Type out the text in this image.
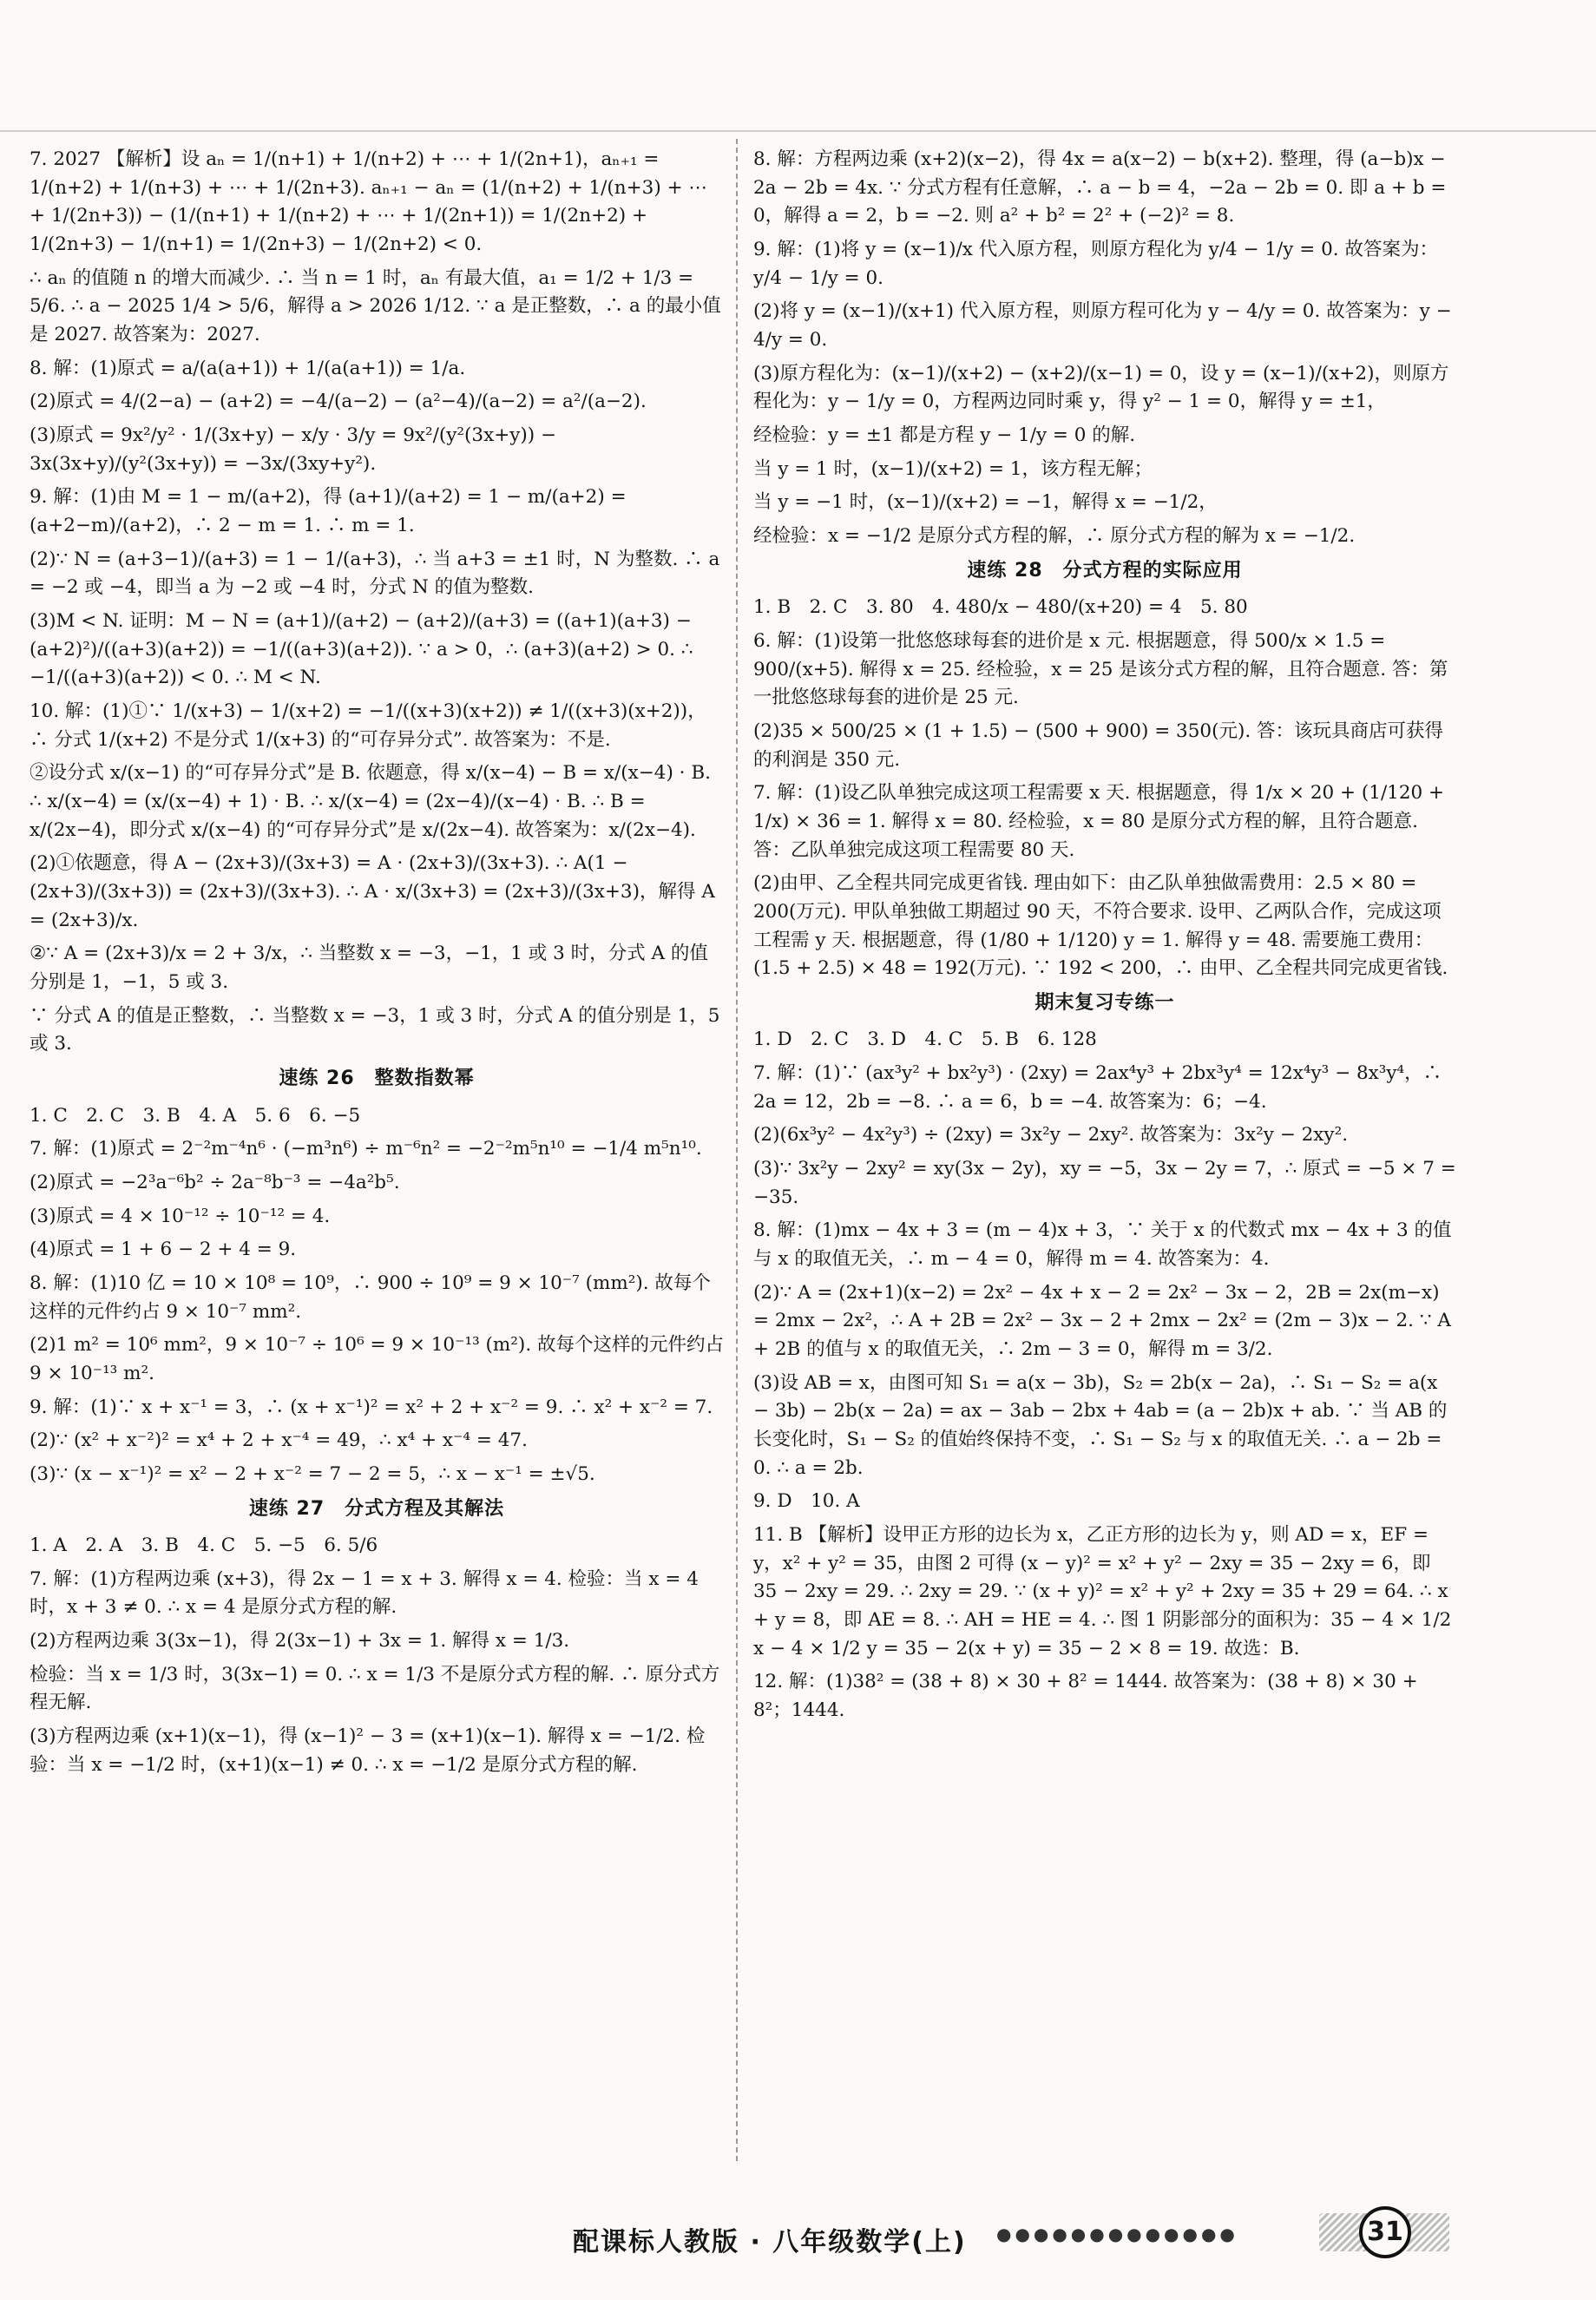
7. 2027 【解析】设 aₙ = 1/(n+1) + 1/(n+2) + ⋯ + 1/(2n+1)，aₙ₊₁ = 1/(n+2) + 1/(n+3) + ⋯ + 1/(2n+3). aₙ₊₁ − aₙ = (1/(n+2) + 1/(n+3) + ⋯ + 1/(2n+3)) − (1/(n+1) + 1/(n+2) + ⋯ + 1/(2n+1)) = 1/(2n+2) + 1/(2n+3) − 1/(n+1) = 1/(2n+3) − 1/(2n+2) < 0.
∴ aₙ 的值随 n 的增大而减少. ∴ 当 n = 1 时，aₙ 有最大值，a₁ = 1/2 + 1/3 = 5/6. ∴ a − 2025 1/4 > 5/6，解得 a > 2026 1/12. ∵ a 是正整数，∴ a 的最小值是 2027. 故答案为：2027.
8. 解：(1)原式 = a/(a(a+1)) + 1/(a(a+1)) = 1/a.
(2)原式 = 4/(2−a) − (a+2) = −4/(a−2) − (a²−4)/(a−2) = a²/(a−2).
(3)原式 = 9x²/y² · 1/(3x+y) − x/y · 3/y = 9x²/(y²(3x+y)) − 3x(3x+y)/(y²(3x+y)) = −3x/(3xy+y²).
9. 解：(1)由 M = 1 − m/(a+2)，得 (a+1)/(a+2) = 1 − m/(a+2) = (a+2−m)/(a+2)，∴ 2 − m = 1. ∴ m = 1.
(2)∵ N = (a+3−1)/(a+3) = 1 − 1/(a+3)，∴ 当 a+3 = ±1 时，N 为整数. ∴ a = −2 或 −4，即当 a 为 −2 或 −4 时，分式 N 的值为整数.
(3)M < N. 证明：M − N = (a+1)/(a+2) − (a+2)/(a+3) = ((a+1)(a+3) − (a+2)²)/((a+3)(a+2)) = −1/((a+3)(a+2)). ∵ a > 0，∴ (a+3)(a+2) > 0. ∴ −1/((a+3)(a+2)) < 0. ∴ M < N.
10. 解：(1)①∵ 1/(x+3) − 1/(x+2) = −1/((x+3)(x+2)) ≠ 1/((x+3)(x+2))，∴ 分式 1/(x+2) 不是分式 1/(x+3) 的“可存异分式”. 故答案为：不是.
②设分式 x/(x−1) 的“可存异分式”是 B. 依题意，得 x/(x−4) − B = x/(x−4) · B. ∴ x/(x−4) = (x/(x−4) + 1) · B. ∴ x/(x−4) = (2x−4)/(x−4) · B. ∴ B = x/(2x−4)，即分式 x/(x−4) 的“可存异分式”是 x/(2x−4). 故答案为：x/(2x−4).
(2)①依题意，得 A − (2x+3)/(3x+3) = A · (2x+3)/(3x+3). ∴ A(1 − (2x+3)/(3x+3)) = (2x+3)/(3x+3). ∴ A · x/(3x+3) = (2x+3)/(3x+3)，解得 A = (2x+3)/x.
②∵ A = (2x+3)/x = 2 + 3/x，∴ 当整数 x = −3，−1，1 或 3 时，分式 A 的值分别是 1，−1，5 或 3.
∵ 分式 A 的值是正整数，∴ 当整数 x = −3，1 或 3 时，分式 A 的值分别是 1，5 或 3.
速练 26　整数指数幂
1. C　2. C　3. B　4. A　5. 6　6. −5
7. 解：(1)原式 = 2⁻²m⁻⁴n⁶ · (−m³n⁶) ÷ m⁻⁶n² = −2⁻²m⁵n¹⁰ = −1/4 m⁵n¹⁰.
(2)原式 = −2³a⁻⁶b² ÷ 2a⁻⁸b⁻³ = −4a²b⁵.
(3)原式 = 4 × 10⁻¹² ÷ 10⁻¹² = 4.
(4)原式 = 1 + 6 − 2 + 4 = 9.
8. 解：(1)10 亿 = 10 × 10⁸ = 10⁹，∴ 900 ÷ 10⁹ = 9 × 10⁻⁷ (mm²). 故每个这样的元件约占 9 × 10⁻⁷ mm².
(2)1 m² = 10⁶ mm²，9 × 10⁻⁷ ÷ 10⁶ = 9 × 10⁻¹³ (m²). 故每个这样的元件约占 9 × 10⁻¹³ m².
9. 解：(1)∵ x + x⁻¹ = 3，∴ (x + x⁻¹)² = x² + 2 + x⁻² = 9. ∴ x² + x⁻² = 7.
(2)∵ (x² + x⁻²)² = x⁴ + 2 + x⁻⁴ = 49，∴ x⁴ + x⁻⁴ = 47.
(3)∵ (x − x⁻¹)² = x² − 2 + x⁻² = 7 − 2 = 5，∴ x − x⁻¹ = ±√5.
速练 27　分式方程及其解法
1. A　2. A　3. B　4. C　5. −5　6. 5/6
7. 解：(1)方程两边乘 (x+3)，得 2x − 1 = x + 3. 解得 x = 4. 检验：当 x = 4 时，x + 3 ≠ 0. ∴ x = 4 是原分式方程的解.
(2)方程两边乘 3(3x−1)，得 2(3x−1) + 3x = 1. 解得 x = 1/3.
检验：当 x = 1/3 时，3(3x−1) = 0. ∴ x = 1/3 不是原分式方程的解. ∴ 原分式方程无解.
(3)方程两边乘 (x+1)(x−1)，得 (x−1)² − 3 = (x+1)(x−1). 解得 x = −1/2. 检验：当 x = −1/2 时，(x+1)(x−1) ≠ 0. ∴ x = −1/2 是原分式方程的解.
8. 解：方程两边乘 (x+2)(x−2)，得 4x = a(x−2) − b(x+2). 整理，得 (a−b)x − 2a − 2b = 4x. ∵ 分式方程有任意解，∴ a − b = 4，−2a − 2b = 0. 即 a + b = 0，解得 a = 2，b = −2. 则 a² + b² = 2² + (−2)² = 8.
9. 解：(1)将 y = (x−1)/x 代入原方程，则原方程化为 y/4 − 1/y = 0. 故答案为：y/4 − 1/y = 0.
(2)将 y = (x−1)/(x+1) 代入原方程，则原方程可化为 y − 4/y = 0. 故答案为：y − 4/y = 0.
(3)原方程化为：(x−1)/(x+2) − (x+2)/(x−1) = 0，设 y = (x−1)/(x+2)，则原方程化为：y − 1/y = 0，方程两边同时乘 y，得 y² − 1 = 0，解得 y = ±1，
经检验：y = ±1 都是方程 y − 1/y = 0 的解.
当 y = 1 时，(x−1)/(x+2) = 1，该方程无解；
当 y = −1 时，(x−1)/(x+2) = −1，解得 x = −1/2，
经检验：x = −1/2 是原分式方程的解，∴ 原分式方程的解为 x = −1/2.
速练 28　分式方程的实际应用
1. B　2. C　3. 80　4. 480/x − 480/(x+20) = 4　5. 80
6. 解：(1)设第一批悠悠球每套的进价是 x 元. 根据题意，得 500/x × 1.5 = 900/(x+5). 解得 x = 25. 经检验，x = 25 是该分式方程的解，且符合题意. 答：第一批悠悠球每套的进价是 25 元.
(2)35 × 500/25 × (1 + 1.5) − (500 + 900) = 350(元). 答：该玩具商店可获得的利润是 350 元.
7. 解：(1)设乙队单独完成这项工程需要 x 天. 根据题意，得 1/x × 20 + (1/120 + 1/x) × 36 = 1. 解得 x = 80. 经检验，x = 80 是原分式方程的解，且符合题意. 答：乙队单独完成这项工程需要 80 天.
(2)由甲、乙全程共同完成更省钱. 理由如下：由乙队单独做需费用：2.5 × 80 = 200(万元). 甲队单独做工期超过 90 天，不符合要求. 设甲、乙两队合作，完成这项工程需 y 天. 根据题意，得 (1/80 + 1/120) y = 1. 解得 y = 48. 需要施工费用：(1.5 + 2.5) × 48 = 192(万元). ∵ 192 < 200，∴ 由甲、乙全程共同完成更省钱.
期末复习专练一
1. D　2. C　3. D　4. C　5. B　6. 128
7. 解：(1)∵ (ax³y² + bx²y³) · (2xy) = 2ax⁴y³ + 2bx³y⁴ = 12x⁴y³ − 8x³y⁴，∴ 2a = 12，2b = −8. ∴ a = 6，b = −4. 故答案为：6；−4.
(2)(6x³y² − 4x²y³) ÷ (2xy) = 3x²y − 2xy². 故答案为：3x²y − 2xy².
(3)∵ 3x²y − 2xy² = xy(3x − 2y)，xy = −5，3x − 2y = 7，∴ 原式 = −5 × 7 = −35.
8. 解：(1)mx − 4x + 3 = (m − 4)x + 3，∵ 关于 x 的代数式 mx − 4x + 3 的值与 x 的取值无关，∴ m − 4 = 0，解得 m = 4. 故答案为：4.
(2)∵ A = (2x+1)(x−2) = 2x² − 4x + x − 2 = 2x² − 3x − 2，2B = 2x(m−x) = 2mx − 2x²，∴ A + 2B = 2x² − 3x − 2 + 2mx − 2x² = (2m − 3)x − 2. ∵ A + 2B 的值与 x 的取值无关，∴ 2m − 3 = 0，解得 m = 3/2.
(3)设 AB = x，由图可知 S₁ = a(x − 3b)，S₂ = 2b(x − 2a)，∴ S₁ − S₂ = a(x − 3b) − 2b(x − 2a) = ax − 3ab − 2bx + 4ab = (a − 2b)x + ab. ∵ 当 AB 的长变化时，S₁ − S₂ 的值始终保持不变，∴ S₁ − S₂ 与 x 的取值无关. ∴ a − 2b = 0. ∴ a = 2b.
9. D　10. A
11. B 【解析】设甲正方形的边长为 x，乙正方形的边长为 y，则 AD = x，EF = y，x² + y² = 35，由图 2 可得 (x − y)² = x² + y² − 2xy = 35 − 2xy = 6，即 35 − 2xy = 29. ∴ 2xy = 29. ∵ (x + y)² = x² + y² + 2xy = 35 + 29 = 64. ∴ x + y = 8，即 AE = 8. ∴ AH = HE = 4. ∴ 图 1 阴影部分的面积为：35 − 4 × 1/2 x − 4 × 1/2 y = 35 − 2(x + y) = 35 − 2 × 8 = 19. 故选：B.
12. 解：(1)38² = (38 + 8) × 30 + 8² = 1444. 故答案为：(38 + 8) × 30 + 8²；1444.
配课标人教版 · 八年级数学(上) ●●●●●●●●●●●●●	31
